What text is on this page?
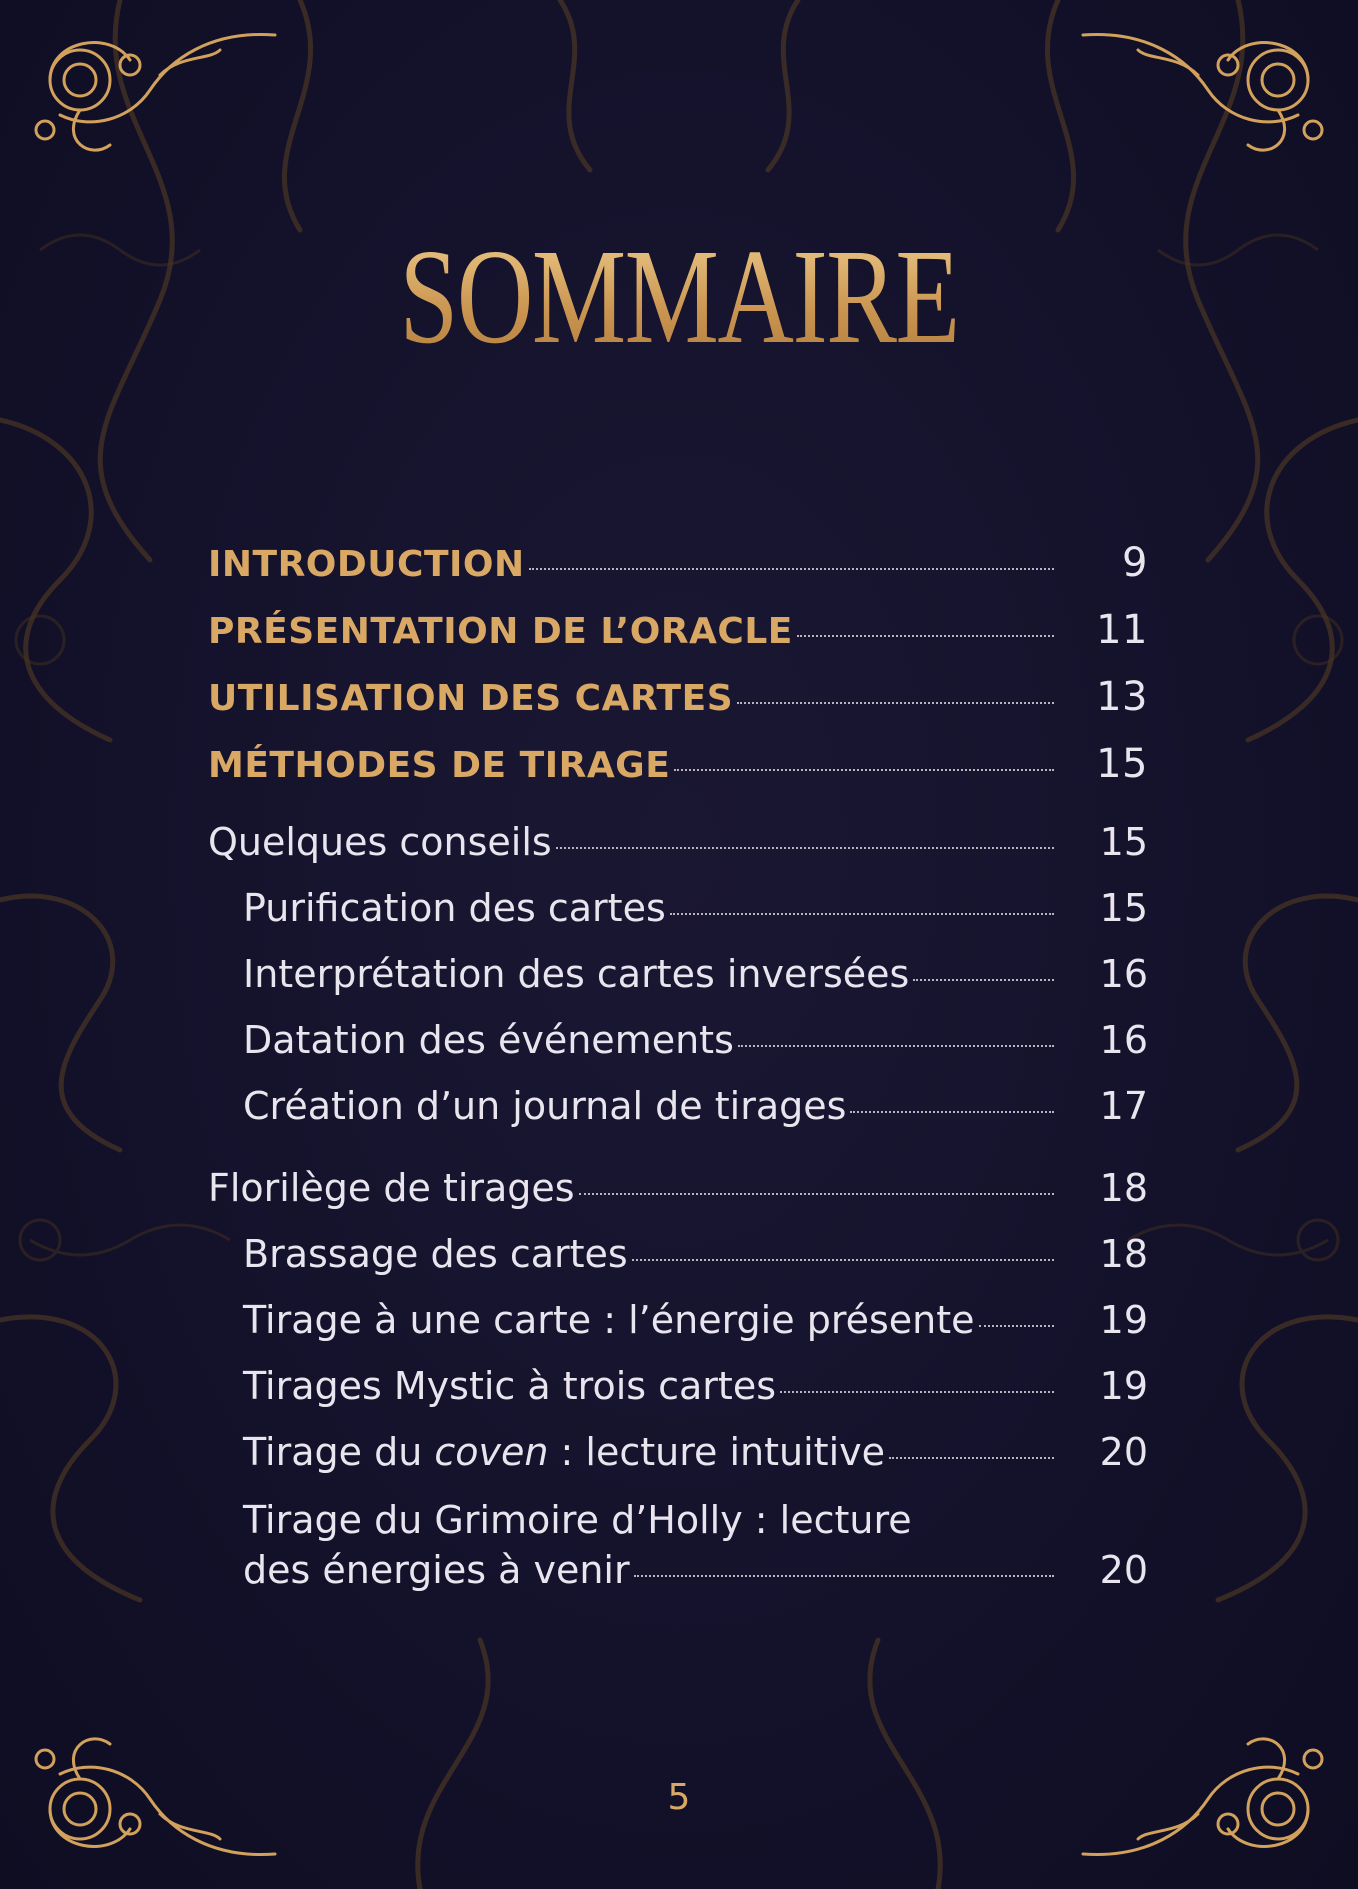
SOMMAIRE
INTRODUCTION	9
PRÉSENTATION DE L’ORACLE	11
UTILISATION DES CARTES	13
MÉTHODES DE TIRAGE	15
Quelques conseils	15
Purification des cartes	15
Interprétation des cartes inversées	16
Datation des événements	16
Création d’un journal de tirages	17
Florilège de tirages	18
Brassage des cartes	18
Tirage à une carte : l’énergie présente	19
Tirages Mystic à trois cartes	19
Tirage du coven : lecture intuitive	20
Tirage du Grimoire d’Holly : lecture
des énergies à venir	20
5
